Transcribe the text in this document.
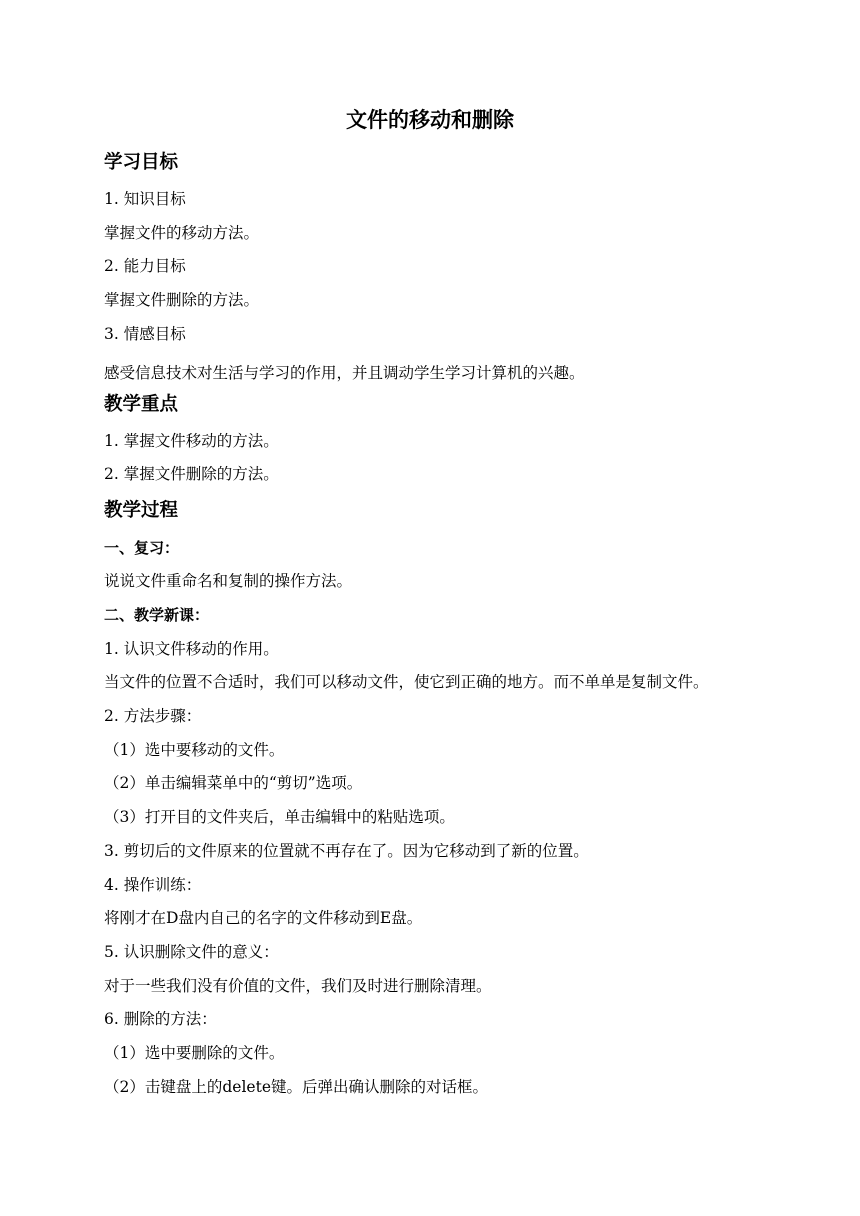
文件的移动和删除
学习目标
1. 知识目标
掌握文件的移动方法。
2. 能力目标
掌握文件删除的方法。
3. 情感目标
感受信息技术对生活与学习的作用，并且调动学生学习计算机的兴趣。
教学重点
1. 掌握文件移动的方法。
2. 掌握文件删除的方法。
教学过程
一、复习：
说说文件重命名和复制的操作方法。
二、教学新课：
1. 认识文件移动的作用。
当文件的位置不合适时，我们可以移动文件，使它到正确的地方。而不单单是复制文件。
2. 方法步骤：
（1）选中要移动的文件。
（2）单击编辑菜单中的“剪切”选项。
（3）打开目的文件夹后，单击编辑中的粘贴选项。
3. 剪切后的文件原来的位置就不再存在了。因为它移动到了新的位置。
4. 操作训练：
将刚才在D盘内自己的名字的文件移动到E盘。
5. 认识删除文件的意义：
对于一些我们没有价值的文件，我们及时进行删除清理。
6. 删除的方法：
（1）选中要删除的文件。
（2）击键盘上的delete键。后弹出确认删除的对话框。
